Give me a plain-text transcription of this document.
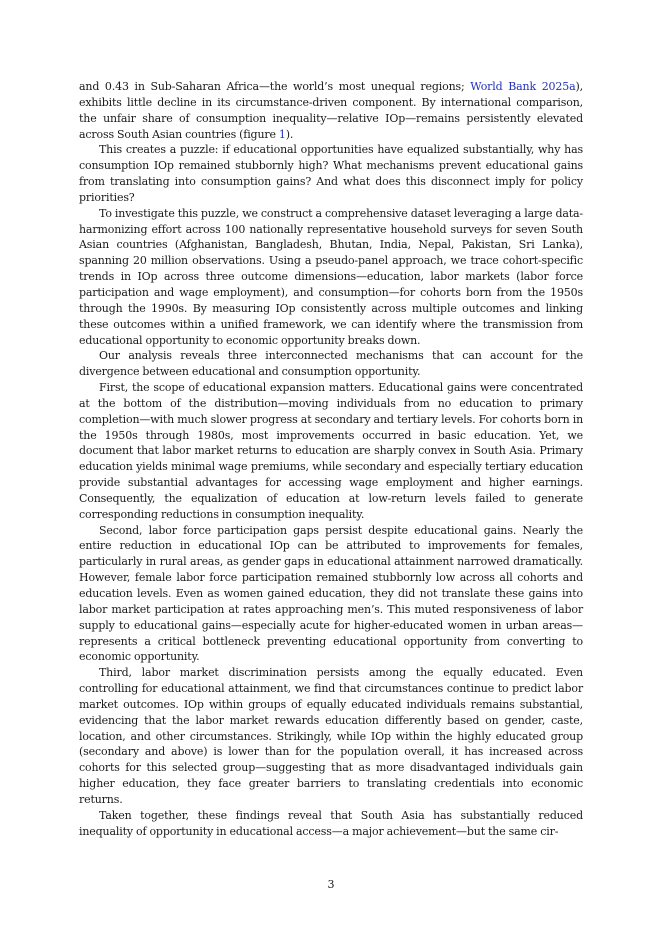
and 0.43 in Sub-Saharan Africa—the world’s most unequal regions; World Bank 2025a), exhibits little decline in its circumstance-driven component. By international comparison, the unfair share of consumption inequality—relative IOp—remains persistently elevated across South Asian countries (figure 1).

This creates a puzzle: if educational opportunities have equalized substantially, why has consumption IOp remained stubbornly high? What mechanisms prevent educational gains from translating into consumption gains? And what does this disconnect imply for policy priorities?

To investigate this puzzle, we construct a comprehensive dataset leveraging a large data-harmonizing effort across 100 nationally representative household surveys for seven South Asian countries (Afghanistan, Bangladesh, Bhutan, India, Nepal, Pakistan, Sri Lanka), spanning 20 million observations. Using a pseudo-panel approach, we trace cohort-specific trends in IOp across three outcome dimensions—education, labor markets (labor force participation and wage employment), and consumption—for cohorts born from the 1950s through the 1990s. By measuring IOp consistently across multiple outcomes and linking these outcomes within a unified framework, we can identify where the transmission from educational opportunity to economic opportunity breaks down.

Our analysis reveals three interconnected mechanisms that can account for the divergence between educational and consumption opportunity.

First, the scope of educational expansion matters. Educational gains were concentrated at the bottom of the distribution—moving individuals from no education to primary completion—with much slower progress at secondary and tertiary levels. For cohorts born in the 1950s through 1980s, most improvements occurred in basic education. Yet, we document that labor market returns to education are sharply convex in South Asia. Primary education yields minimal wage premiums, while secondary and especially tertiary education provide substantial advantages for accessing wage employment and higher earnings. Consequently, the equalization of education at low-return levels failed to generate corresponding reductions in consumption inequality.

Second, labor force participation gaps persist despite educational gains. Nearly the entire reduction in educational IOp can be attributed to improvements for females, particularly in rural areas, as gender gaps in educational attainment narrowed dramatically. However, female labor force participation remained stubbornly low across all cohorts and education levels. Even as women gained education, they did not translate these gains into labor market participation at rates approaching men’s. This muted responsiveness of labor supply to educational gains—especially acute for higher-educated women in urban areas—represents a critical bottleneck preventing educational opportunity from converting to economic opportunity.

Third, labor market discrimination persists among the equally educated. Even controlling for educational attainment, we find that circumstances continue to predict labor market outcomes. IOp within groups of equally educated individuals remains substantial, evidencing that the labor market rewards education differently based on gender, caste, location, and other circumstances. Strikingly, while IOp within the highly educated group (secondary and above) is lower than for the population overall, it has increased across cohorts for this selected group—suggesting that as more disadvantaged individuals gain higher education, they face greater barriers to translating credentials into economic returns.

Taken together, these findings reveal that South Asia has substantially reduced inequality of opportunity in educational access—a major achievement—but the same cir-

3
